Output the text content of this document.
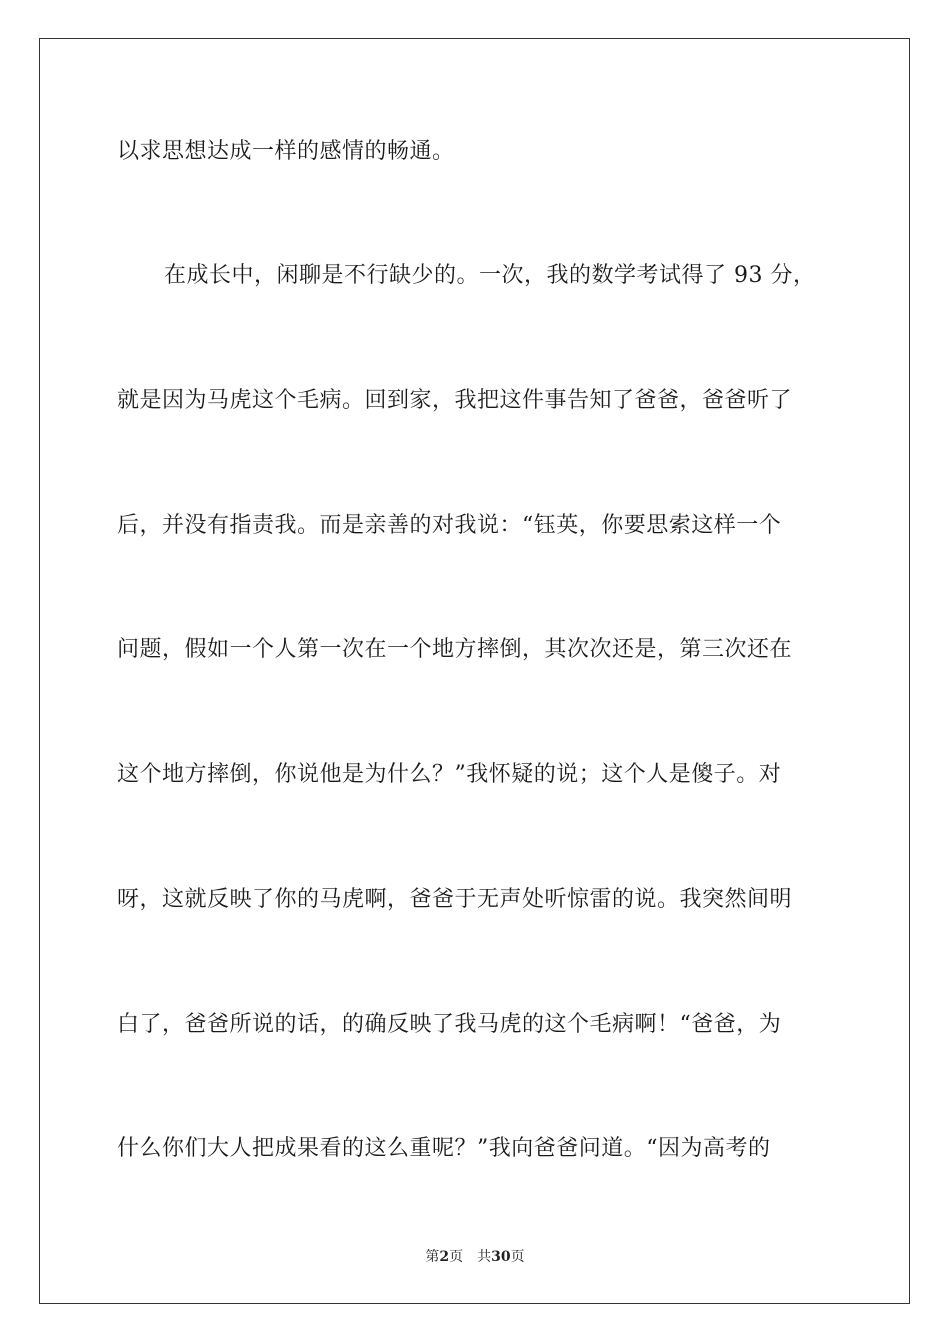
以求思想达成一样的感情的畅通。
在成长中，闲聊是不行缺少的。一次，我的数学考试得了 93 分，
就是因为马虎这个毛病。回到家，我把这件事告知了爸爸，爸爸听了
后，并没有指责我。而是亲善的对我说：“钰英，你要思索这样一个
问题，假如一个人第一次在一个地方摔倒，其次次还是，第三次还在
这个地方摔倒，你说他是为什么？”我怀疑的说；这个人是傻子。对
呀，这就反映了你的马虎啊，爸爸于无声处听惊雷的说。我突然间明
白了，爸爸所说的话，的确反映了我马虎的这个毛病啊！“爸爸，为
什么你们大人把成果看的这么重呢？”我向爸爸问道。“因为高考的
第2页 共30页
